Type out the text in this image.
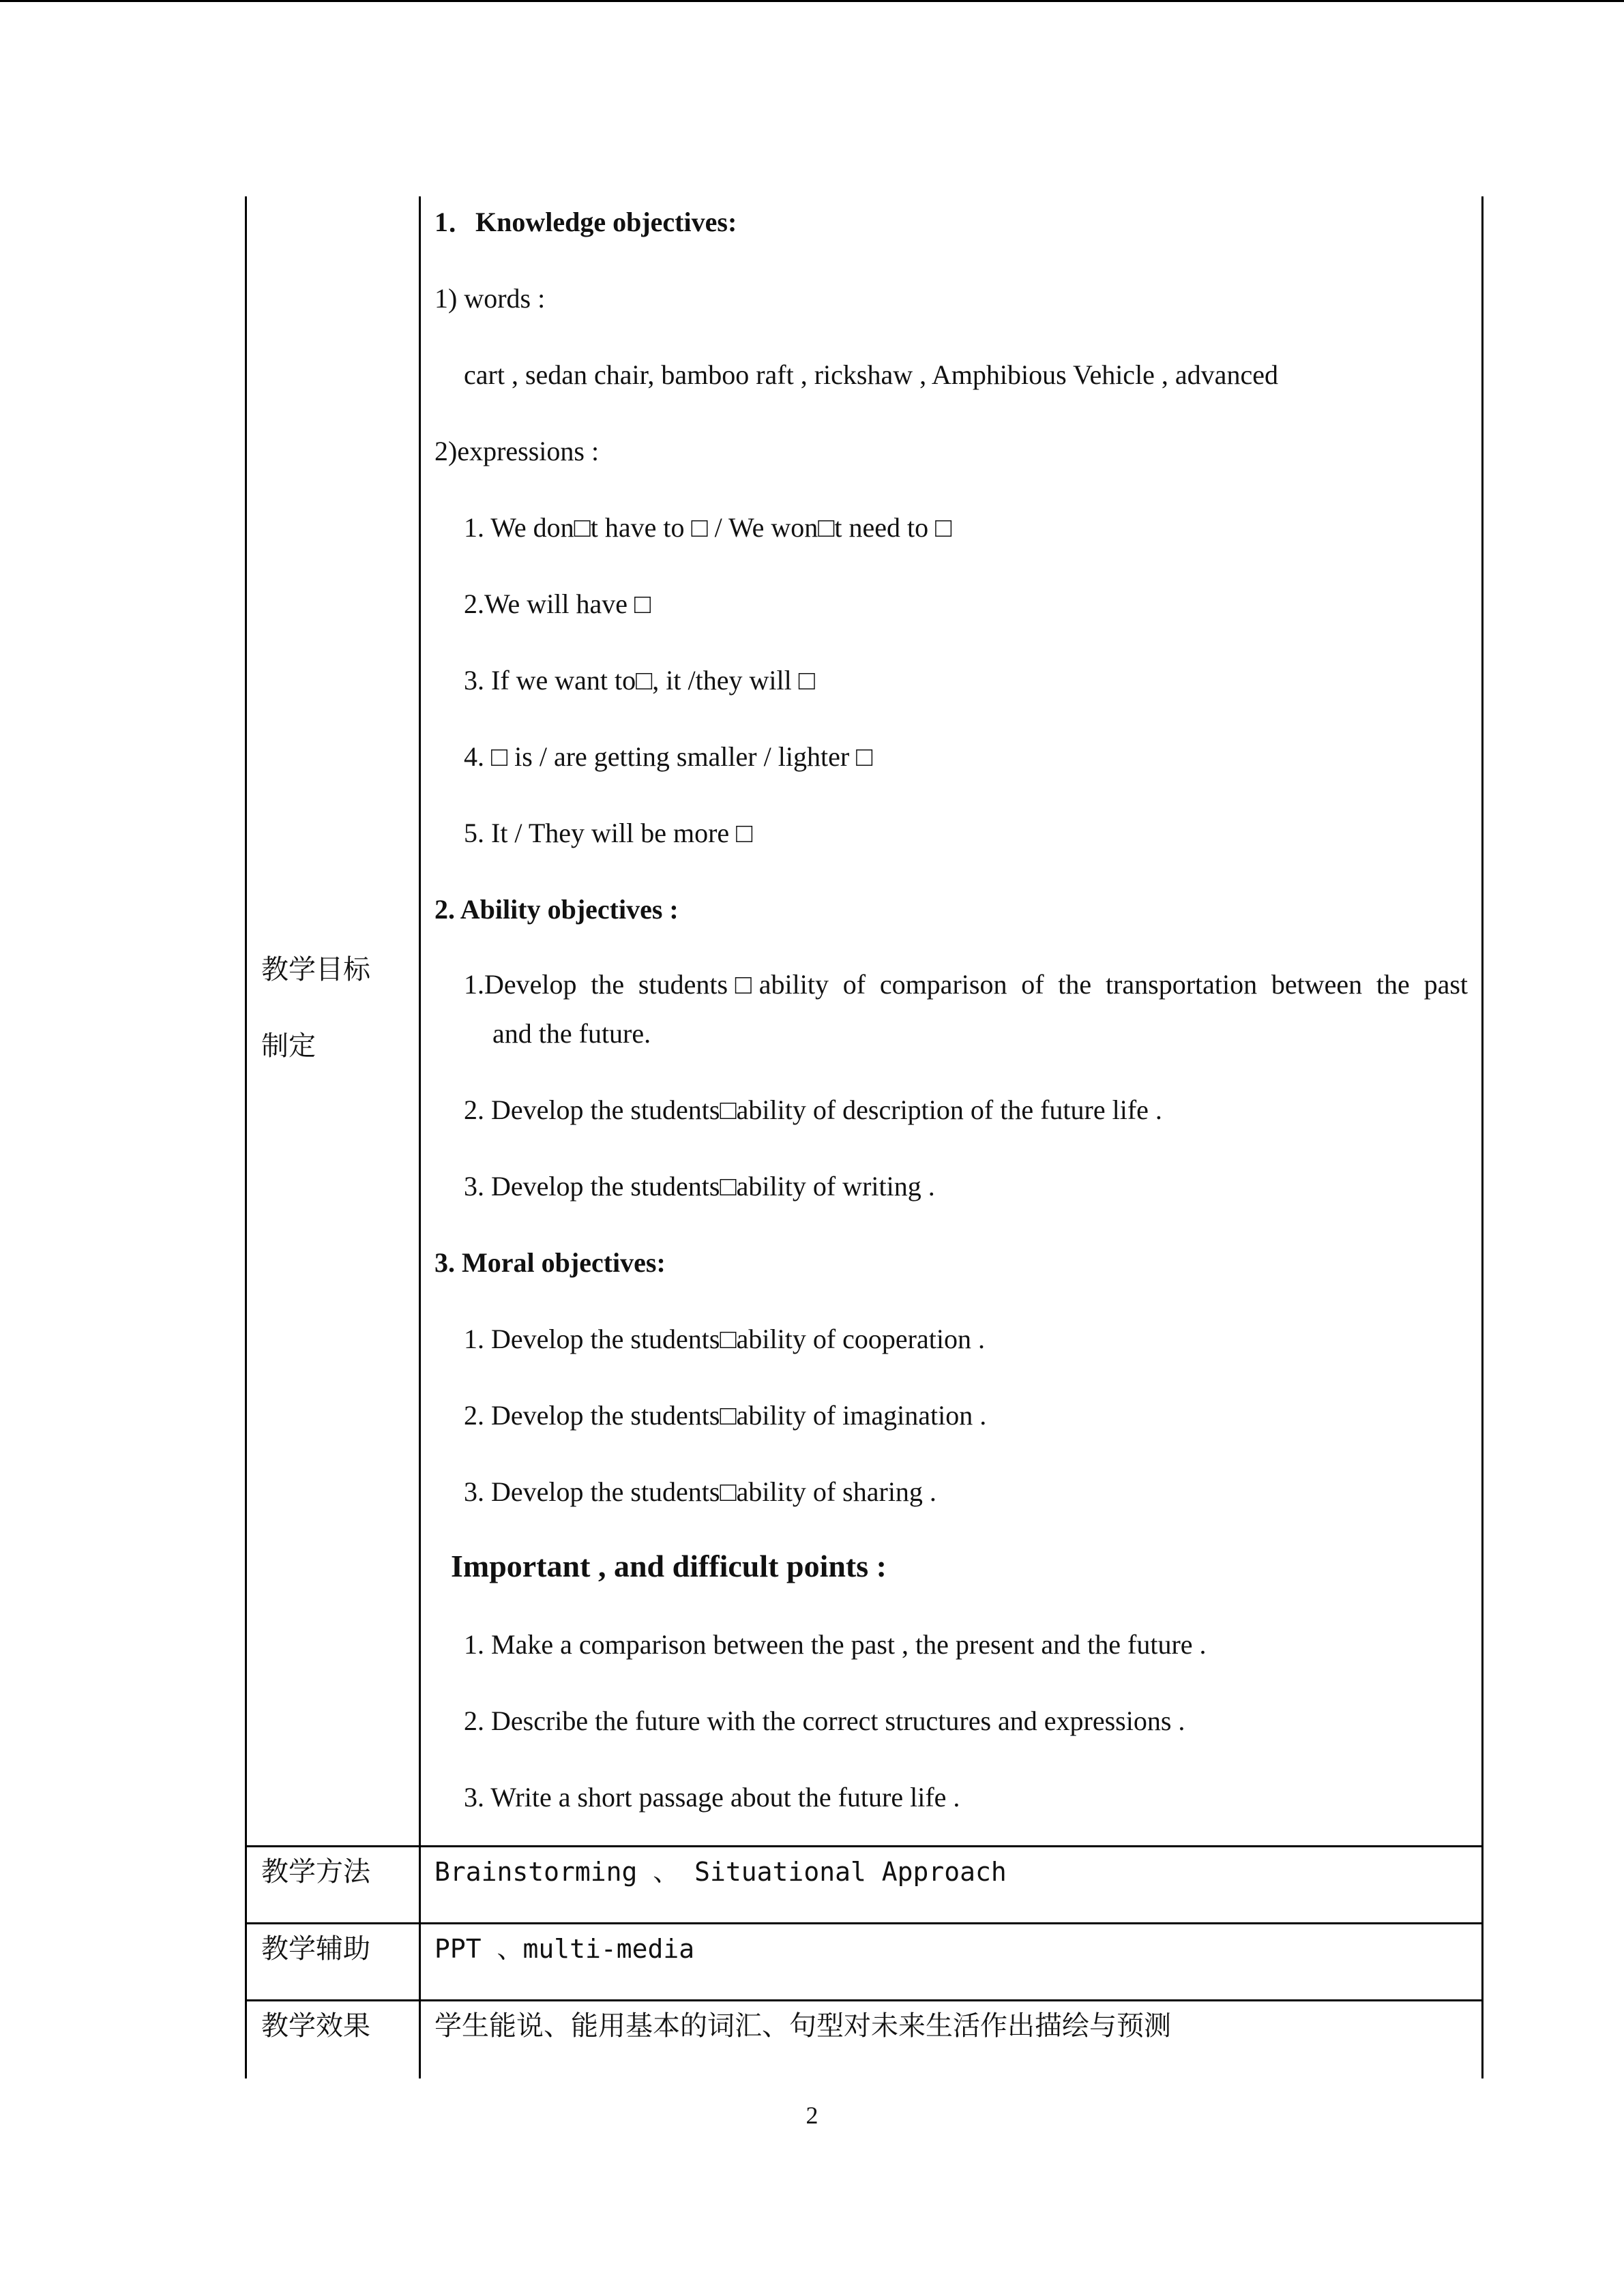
教学目标
制定
教学方法
教学辅助
教学效果
1．Knowledge objectives:
1) words :
cart , sedan chair, bamboo raft , rickshaw , Amphibious Vehicle , advanced
2)expressions :
1. We don□t have to □ / We won□t need to □
2.We will have □
3. If we want to□, it /they will □
4. □ is / are getting smaller / lighter □
5. It / They will be more □
2. Ability objectives :
1.Develop the students□ability of comparison of the transportation between the past
and the future.
2. Develop the students□ability of description of the future life .
3. Develop the students□ability of writing .
3. Moral objectives:
1. Develop the students□ability of cooperation .
2. Develop the students□ability of imagination .
3. Develop the students□ability of sharing .
Important , and difficult points :
1. Make a comparison between the past , the present and the future .
2. Describe the future with the correct structures and expressions .
3. Write a short passage about the future life .
Brainstorming 、 Situational Approach
PPT 、multi-media
学生能说、能用基本的词汇、句型对未来生活作出描绘与预测
2
